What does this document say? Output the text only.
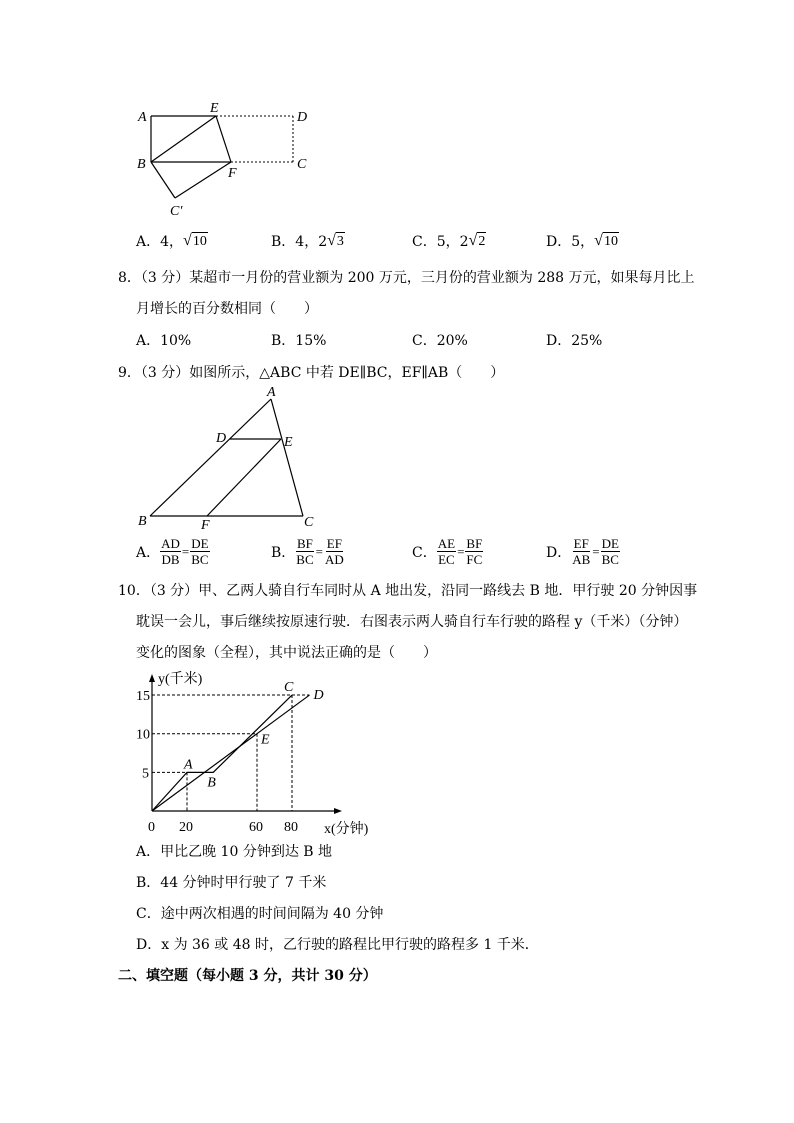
A
E
D
B
F
C
C′
A． 4， √ 10	B． 4，2 √ 3	C． 5，2 √ 2	D． 5， √ 10
8．（3 分）某超市一月份的营业额为 200 万元，三月份的营业额为 288 万元，如果每月比上
月增长的百分数相同（　　）
A．10%	B．15%	C．20%	D．25%
9．（3 分）如图所示，△ABC 中若 DE∥BC，EF∥AB（　　）
A
D	E
B	F	C
A． $\frac{AD}{DB} = \frac{DE}{BC}$	B． $\frac{BF}{BC} = \frac{EF}{AD}$	C． $\frac{AE}{EC} = \frac{BF}{FC}$	D． $\frac{EF}{AB} = \frac{DE}{BC}$
10．（3 分）甲、乙两人骑自行车同时从 A 地出发，沿同一路线去 B 地．甲行驶 20 分钟因事
耽误一会儿，事后继续按原速行驶．右图表示两人骑自行车行驶的路程 y（千米）（分钟）
变化的图象（全程），其中说法正确的是（　　）
x(分钟)
y(千米)
A
B
C
E
D
0 20	60 80
5
10
15
A．甲比乙晚 10 分钟到达 B 地
B．44 分钟时甲行驶了 7 千米
C．途中两次相遇的时间间隔为 40 分钟
D．x 为 36 或 48 时，乙行驶的路程比甲行驶的路程多 1 千米．
二、填空题（每小题 3 分，共计 30 分）
